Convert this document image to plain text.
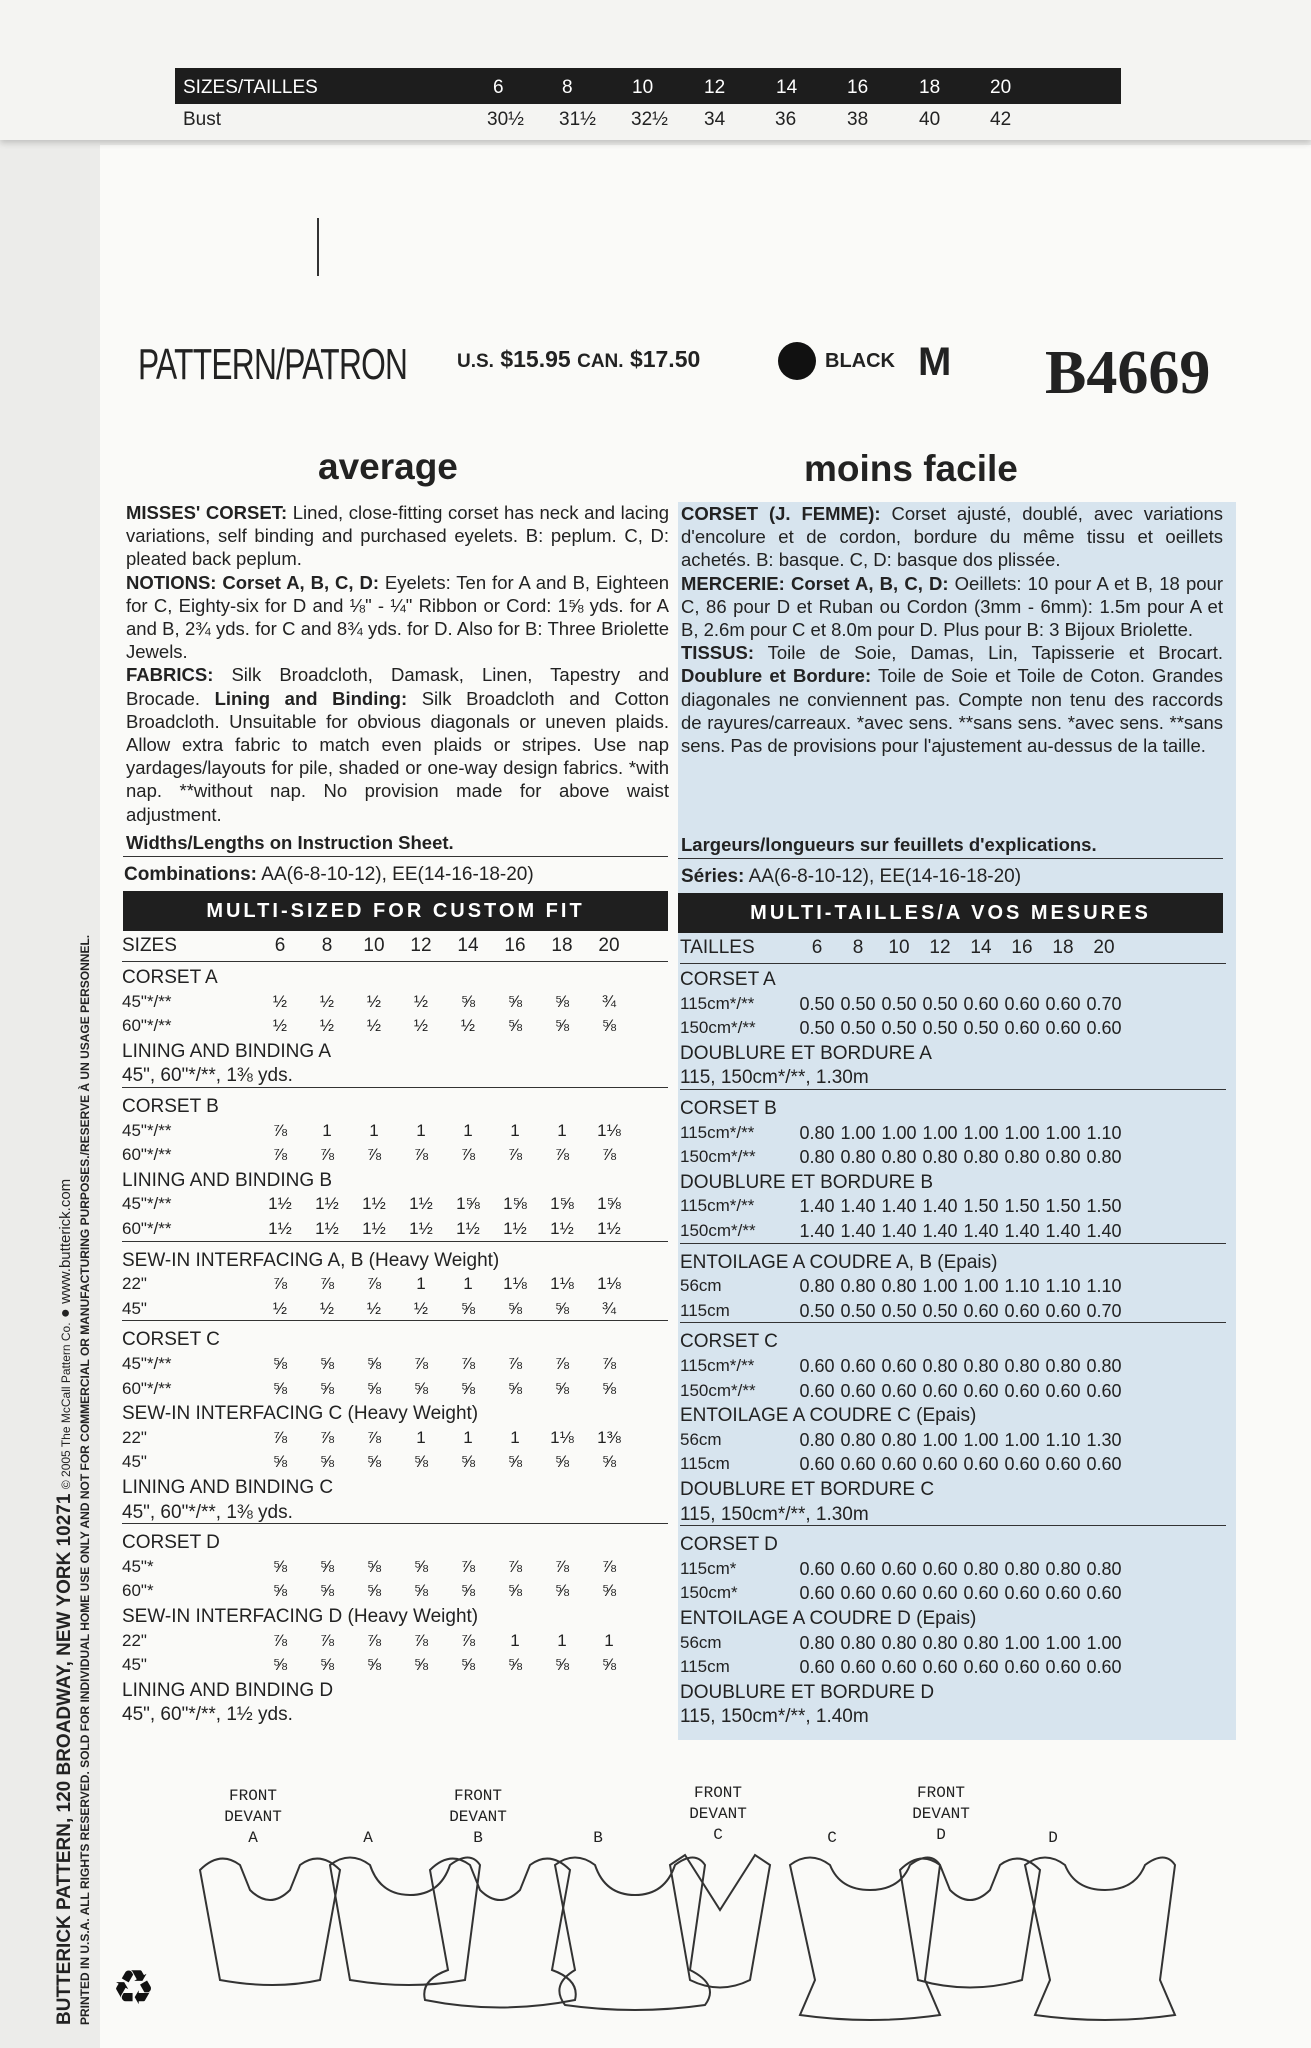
SIZES/TAILLES	6	8	10	12	14	16	18	20
Bust	30½ 31½ 32½ 34	36	38	40	42
PATTERN/PATRON	U.S. $15.95 CAN. $17.50	BLACK M B4669
average	moins facile
MISSES' CORSET: Lined, close-fitting corset has neck and lacing variations, self binding and purchased eyelets. B: peplum. C, D: pleated back peplum.
NOTIONS: Corset A, B, C, D: Eyelets: Ten for A and B, Eighteen for C, Eighty-six for D and ⅛" - ¼" Ribbon or Cord: 1⅝ yds. for A and B, 2¾ yds. for C and 8¾ yds. for D. Also for B: Three Briolette Jewels.
FABRICS: Silk Broadcloth, Damask, Linen, Tapestry and Brocade. Lining and Binding: Silk Broadcloth and Cotton Broadcloth. Unsuitable for obvious diagonals or uneven plaids. Allow extra fabric to match even plaids or stripes. Use nap yardages/layouts for pile, shaded or one-way design fabrics. *with nap. **without nap. No provision made for above waist adjustment.
CORSET (J. FEMME): Corset ajusté, doublé, avec variations d'encolure et de cordon, bordure du même tissu et oeillets achetés. B: basque. C, D: basque dos plissée.
MERCERIE: Corset A, B, C, D: Oeillets: 10 pour A et B, 18 pour C, 86 pour D et Ruban ou Cordon (3mm - 6mm): 1.5m pour A et B, 2.6m pour C et 8.0m pour D. Plus pour B: 3 Bijoux Briolette.
TISSUS: Toile de Soie, Damas, Lin, Tapisserie et Brocart. Doublure et Bordure: Toile de Soie et Toile de Coton. Grandes diagonales ne conviennent pas. Compte non tenu des raccords de rayures/carreaux. *avec sens. **sans sens. *avec sens. **sans sens. Pas de provisions pour l'ajustement au-dessus de la taille.
Widths/Lengths on Instruction Sheet.
Combinations: AA(6-8-10-12), EE(14-16-18-20)
Largeurs/longueurs sur feuillets d'explications.
Séries: AA(6-8-10-12), EE(14-16-18-20)
MULTI-SIZED FOR CUSTOM FIT	MULTI-TAILLES/A VOS MESURES
SIZES	6	8	10	12	14	16	18	20
CORSET A
45"*/**	½	½	½	½	⅝	⅝	⅝	¾
60"*/**	½	½	½	½	½	⅝	⅝	⅝
LINING AND BINDING A
45", 60"*/**, 1⅜ yds.
CORSET B
45"*/**	⅞	1	1	1	1	1	1	1⅛
60"*/**	⅞	⅞	⅞	⅞	⅞	⅞	⅞	⅞
LINING AND BINDING B
45"*/**	1½	1½	1½	1½	1⅝	1⅝	1⅝	1⅝
60"*/**	1½	1½	1½	1½	1½	1½	1½	1½
SEW-IN INTERFACING A, B (Heavy Weight)
22"	⅞	⅞	⅞	1	1	1⅛	1⅛	1⅛
45"	½	½	½	½	⅝	⅝	⅝	¾
CORSET C
45"*/**	⅝	⅝	⅝	⅞	⅞	⅞	⅞	⅞
60"*/**	⅝	⅝	⅝	⅝	⅝	⅝	⅝	⅝
SEW-IN INTERFACING C (Heavy Weight)
22"	⅞	⅞	⅞	1	1	1	1⅛	1⅜
45"	⅝	⅝	⅝	⅝	⅝	⅝	⅝	⅝
LINING AND BINDING C
45", 60"*/**, 1⅜ yds.
CORSET D
45"*	⅝	⅝	⅝	⅝	⅞	⅞	⅞	⅞
60"*	⅝	⅝	⅝	⅝	⅝	⅝	⅝	⅝
SEW-IN INTERFACING D (Heavy Weight)
22"	⅞	⅞	⅞	⅞	⅞	1	1	1
45"	⅝	⅝	⅝	⅝	⅝	⅝	⅝	⅝
LINING AND BINDING D
45", 60"*/**, 1½ yds.
TAILLES	6	8	10	12	14	16	18	20
CORSET A
115cm*/**	0.50 0.50 0.50 0.50 0.60 0.60 0.60 0.70
150cm*/**	0.50 0.50 0.50 0.50 0.50 0.60 0.60 0.60
DOUBLURE ET BORDURE A
115, 150cm*/**, 1.30m
CORSET B
115cm*/**	0.80 1.00 1.00 1.00 1.00 1.00 1.00 1.10
150cm*/**	0.80 0.80 0.80 0.80 0.80 0.80 0.80 0.80
DOUBLURE ET BORDURE B
115cm*/**	1.40 1.40 1.40 1.40 1.50 1.50 1.50 1.50
150cm*/**	1.40 1.40 1.40 1.40 1.40 1.40 1.40 1.40
ENTOILAGE A COUDRE A, B (Epais)
56cm	0.80 0.80 0.80 1.00 1.00 1.10 1.10 1.10
115cm	0.50 0.50 0.50 0.50 0.60 0.60 0.60 0.70
CORSET C
115cm*/**	0.60 0.60 0.60 0.80 0.80 0.80 0.80 0.80
150cm*/**	0.60 0.60 0.60 0.60 0.60 0.60 0.60 0.60
ENTOILAGE A COUDRE C (Epais)
56cm	0.80 0.80 0.80 1.00 1.00 1.00 1.10 1.30
115cm	0.60 0.60 0.60 0.60 0.60 0.60 0.60 0.60
DOUBLURE ET BORDURE C
115, 150cm*/**, 1.30m
CORSET D
115cm*	0.60 0.60 0.60 0.60 0.80 0.80 0.80 0.80
150cm*	0.60 0.60 0.60 0.60 0.60 0.60 0.60 0.60
ENTOILAGE A COUDRE D (Epais)
56cm	0.80 0.80 0.80 0.80 0.80 1.00 1.00 1.00
115cm	0.60 0.60 0.60 0.60 0.60 0.60 0.60 0.60
DOUBLURE ET BORDURE D
115, 150cm*/**, 1.40m
FRONT
DEVANT
A	A
FRONT
DEVANT
B	B
FRONT
DEVANT
C	C
FRONT
DEVANT
D	D
BUTTERICK PATTERN, 120 BROADWAY, NEW YORK 10271 © 2005 The McCall Pattern Co. ● www.butterick.com PRINTED IN U.S.A. ALL RIGHTS RESERVED. SOLD FOR INDIVIDUAL HOME USE ONLY AND NOT FOR COMMERCIAL OR MANUFACTURING PURPOSES./RESERVE À UN USAGE PERSONNEL. ♻
